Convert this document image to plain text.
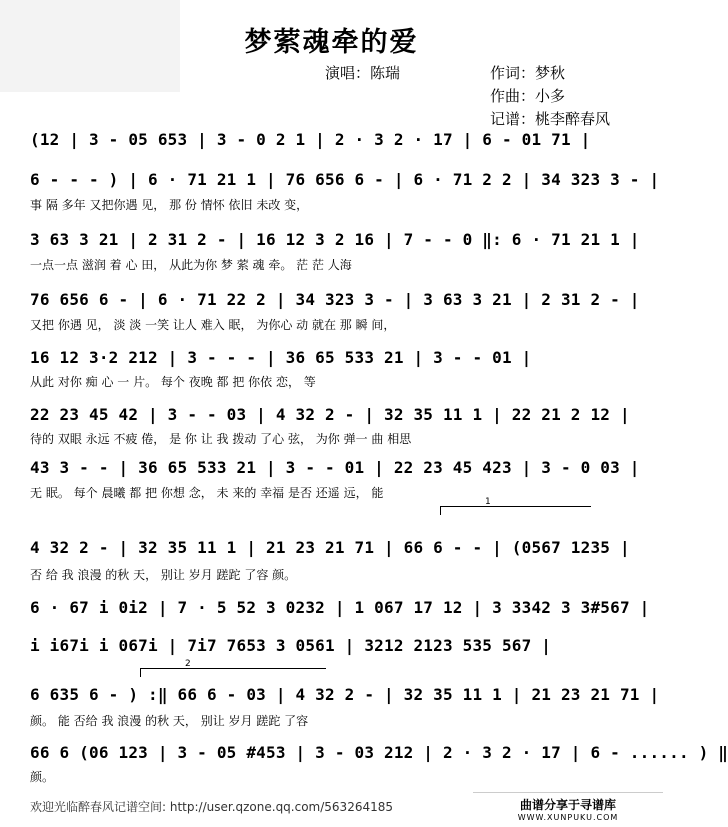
梦萦魂牵的爱
演唱：陈瑞	作词：梦秋
作曲：小多
记谱：桃李醉春风
(12 | 3 - 05 653 | 3 - 0 2 1 | 2 · 3 2 · 17 | 6 - 01 71 |
6 - - - ) | 6 · 71 21 1 | 76 656 6 - | 6 · 71 2 2 | 34 323 3 - |
事 隔 多年 又把你遇 见， 那 份 情怀 依旧 未改 变，
3 63 3 21 | 2 31 2 - | 16 12 3 2 16 | 7 - - 0 ‖: 6 · 71 21 1 |
一点一点 滋润 着 心 田， 从此为你 梦 萦 魂 牵。 茫 茫 人海
76 656 6 - | 6 · 71 22 2 | 34 323 3 - | 3 63 3 21 | 2 31 2 - |
又把 你遇 见， 淡 淡 一笑 让人 难入 眠， 为你心 动 就在 那 瞬 间，
16 12 3·2 212 | 3 - - - | 36 65 533 21 | 3 - - 01 |
从此 对你 痴 心 一 片。 每个 夜晚 都 把 你依 恋， 等
22 23 45 42 | 3 - - 03 | 4 32 2 - | 32 35 11 1 | 22 21 2 12 |
待的 双眼 永远 不疲 倦， 是 你 让 我 拨动 了心 弦， 为你 弹一 曲 相思
43 3 - - | 36 65 533 21 | 3 - - 01 | 22 23 45 423 | 3 - 0 03 |
无 眠。 每个 晨曦 都 把 你想 念， 未 来的 幸福 是否 还遥 远， 能
1
4 32 2 - | 32 35 11 1 | 21 23 21 71 | 66 6 - - | (0567 1235 |
否 给 我 浪漫 的秋 天， 别让 岁月 蹉跎 了容 颜。
6 · 67 i 0i2 | 7 · 5 52 3 0232 | 1 067 17 12 | 3 3342 3 3#567 |
i i67i i 067i | 7i7 7653 3 0561 | 3212 2123 535 567 |
2
6 635 6 - ) :‖ 66 6 - 03 | 4 32 2 - | 32 35 11 1 | 21 23 21 71 |
颜。 能 否给 我 浪漫 的秋 天， 别让 岁月 蹉跎 了容
66 6 (06 123 | 3 - 05 #453 | 3 - 03 212 | 2 · 3 2 · 17 | 6 - ...... ) ‖
颜。
欢迎光临醉春风记谱空间: http://user.qzone.qq.com/563264185	曲谱分享于寻谱库
WWW.XUNPUKU.COM
